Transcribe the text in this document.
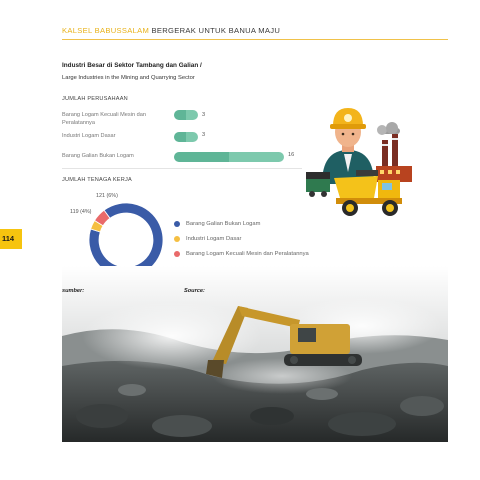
KALSEL BABUSSALAM BERGERAK UNTUK BANUA MAJU
Industri Besar di Sektor Tambang dan Galian /
Large Industries in the Mining and Quarrying Sector
JUMLAH PERUSAHAAN
Barang Logam Kecuali Mesin dan Peralatannya
3
Industri Logam Dasar	3
Barang Galian Bukan Logam	16
JUMLAH TENAGA KERJA
121 (6%)
119 (4%)
Barang Galian Bukan Logam
Industri Logam Dasar
Barang Logam Kecuali Mesin dan Peralatannya
114
sumber:	Source:
